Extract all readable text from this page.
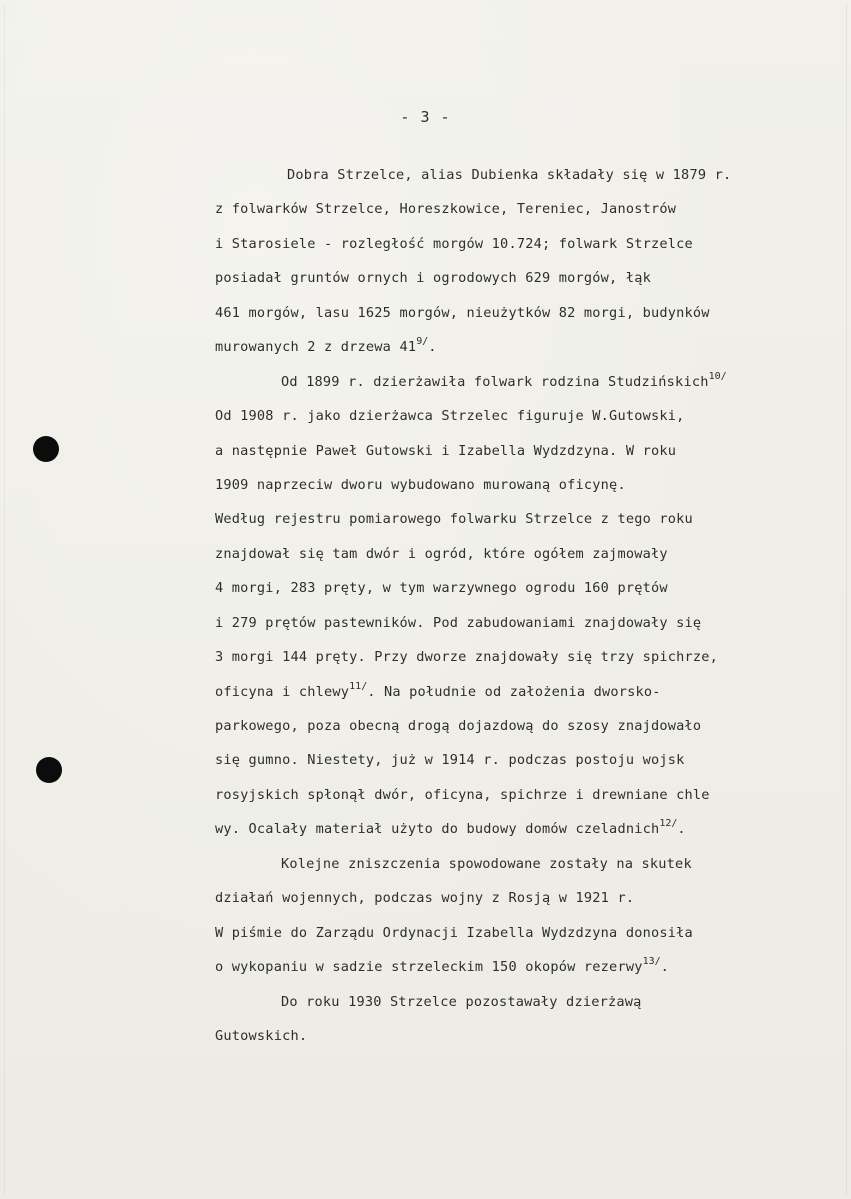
- 3 -
Dobra Strzelce, alias Dubienka składały się w 1879 r.
z folwarków Strzelce, Horeszkowice, Tereniec, Janostrów
i Starosiele - rozległość morgów 10.724; folwark Strzelce
posiadał gruntów ornych i ogrodowych 629 morgów, łąk
461 morgów, lasu 1625 morgów, nieużytków 82 morgi, budynków
murowanych 2 z drzewa 41$^{9/}$.
Od 1899 r. dzierżawiła folwark rodzina Studzińskich$^{10/}$
Od 1908 r. jako dzierżawca Strzelec figuruje W.Gutowski,
a następnie Paweł Gutowski i Izabella Wydzdzyna. W roku
1909 naprzeciw dworu wybudowano murowaną oficynę.
Według rejestru pomiarowego folwarku Strzelce z tego roku
znajdował się tam dwór i ogród, które ogółem zajmowały
4 morgi, 283 pręty, w tym warzywnego ogrodu 160 prętów
i 279 prętów pastewników. Pod zabudowaniami znajdowały się
3 morgi 144 pręty. Przy dworze znajdowały się trzy spichrze,
oficyna i chlewy$^{11/}$. Na południe od założenia dworsko-
parkowego, poza obecną drogą dojazdową do szosy znajdowało
się gumno. Niestety, już w 1914 r. podczas postoju wojsk
rosyjskich spłonął dwór, oficyna, spichrze i drewniane chle
wy. Ocalały materiał użyto do budowy domów czeladnich$^{12/}$.
Kolejne zniszczenia spowodowane zostały na skutek
działań wojennych, podczas wojny z Rosją w 1921 r.
W piśmie do Zarządu Ordynacji Izabella Wydzdzyna donosiła
o wykopaniu w sadzie strzeleckim 150 okopów rezerwy$^{13/}$.
Do roku 1930 Strzelce pozostawały dzierżawą
Gutowskich.
